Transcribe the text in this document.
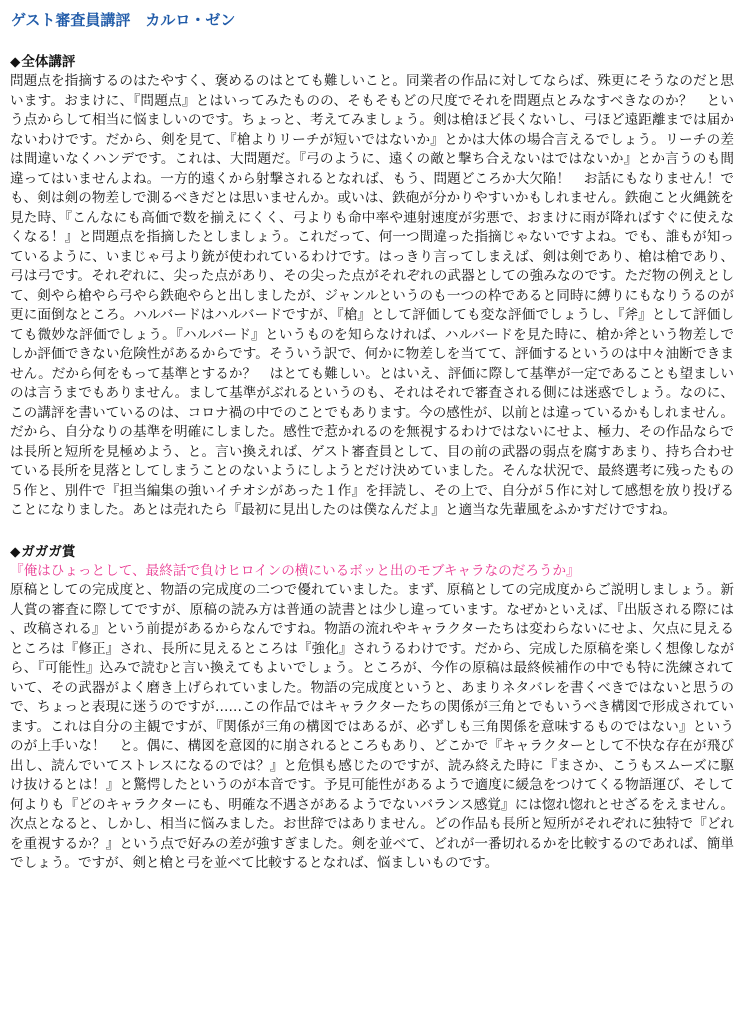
ゲスト審査員講評　カルロ・ゼン
◆全体講評

問題点を指摘するのはたやすく、褒めるのはとても難しいこと。同業者の作品に対してならば、殊更にそうなのだと思います。おまけに、『問題点』とはいってみたものの、そもそもどの尺度でそれを問題点とみなすべきなのか？　という点からして相当に悩ましいのです。ちょっと、考えてみましょう。剣は槍ほど長くないし、弓ほど遠距離までは届かないわけです。だから、剣を見て、『槍よりリーチが短いではないか』とかは大体の場合言えるでしょう。リーチの差は間違いなくハンデです。これは、大問題だ。『弓のように、遠くの敵と撃ち合えないはではないか』とか言うのも間違ってはいませんよね。一方的遠くから射撃されるとなれば、もう、問題どころか大欠陥！　お話にもなりません！でも、剣は剣の物差しで測るべきだとは思いませんか。或いは、鉄砲が分かりやすいかもしれません。鉄砲こと火縄銃を見た時、『こんなにも高価で数を揃えにくく、弓よりも命中率や連射速度が劣悪で、おまけに雨が降ればすぐに使えなくなる！』と問題点を指摘したとしましょう。これだって、何一つ間違った指摘じゃないですよね。でも、誰もが知っているように、いまじゃ弓より銃が使われているわけです。はっきり言ってしまえば、剣は剣であり、槍は槍であり、弓は弓です。それぞれに、尖った点があり、その尖った点がそれぞれの武器としての強みなのです。ただ物の例えとして、剣やら槍やら弓やら鉄砲やらと出しましたが、ジャンルというのも一つの枠であると同時に縛りにもなりうるのが更に面倒なところ。ハルバードはハルバードですが、『槍』として評価しても変な評価でしょうし、『斧』として評価しても微妙な評価でしょう。『ハルバード』というものを知らなければ、ハルバードを見た時に、槍か斧という物差しでしか評価できない危険性があるからです。そういう訳で、何かに物差しを当てて、評価するというのは中々油断できません。だから何をもって基準とするか？　はとても難しい。とはいえ、評価に際して基準が一定であることも望ましいのは言うまでもありません。まして基準がぶれるというのも、それはそれで審査される側には迷惑でしょう。なのに、この講評を書いているのは、コロナ禍の中でのことでもあります。今の感性が、以前とは違っているかもしれません。だから、自分なりの基準を明確にしました。感性で惹かれるのを無視するわけではないにせよ、極力、その作品ならでは長所と短所を見極めよう、と。言い換えれば、ゲスト審査員として、目の前の武器の弱点を腐すあまり、持ち合わせている長所を見落としてしまうことのないようにしようとだけ決めていました。そんな状況で、最終選考に残ったもの５作と、別件で『担当編集の強いイチオシがあった１作』を拝読し、その上で、自分が５作に対して感想を放り投げることになりました。あとは売れたら『最初に見出したのは僕なんだよ』と適当な先輩風をふかすだけですね。

◆ガガガ賞

『俺はひょっとして、最終話で負けヒロインの横にいるボッと出のモブキャラなのだろうか』

原稿としての完成度と、物語の完成度の二つで優れていました。まず、原稿としての完成度からご説明しましょう。新人賞の審査に際してですが、原稿の読み方は普通の読書とは少し違っています。なぜかといえば、『出版される際には、改稿される』という前提があるからなんですね。物語の流れやキャラクターたちは変わらないにせよ、欠点に見えるところは『修正』され、長所に見えるところは『強化』されうるわけです。だから、完成した原稿を楽しく想像しながら、『可能性』込みで読むと言い換えてもよいでしょう。ところが、今作の原稿は最終候補作の中でも特に洗練されていて、その武器がよく磨き上げられていました。物語の完成度というと、あまりネタバレを書くべきではないと思うので、ちょっと表現に迷うのですが……この作品ではキャラクターたちの関係が三角とでもいうべき構図で形成されています。これは自分の主観ですが、『関係が三角の構図ではあるが、必ずしも三角関係を意味するものではない』というのが上手いな！　と。偶に、構図を意図的に崩されるところもあり、どこかで『キャラクターとして不快な存在が飛び出し、読んでいてストレスになるのでは？』と危惧も感じたのですが、読み終えた時に『まさか、こうもスムーズに駆け抜けるとは！』と驚愕したというのが本音です。予見可能性があるようで適度に緩急をつけてくる物語運び、そして何よりも『どのキャラクターにも、明確な不遇さがあるようでないバランス感覚』には惚れ惚れとせざるをえません。次点となると、しかし、相当に悩みました。お世辞ではありません。どの作品も長所と短所がそれぞれに独特で『どれを重視するか？』という点で好みの差が強すぎました。剣を並べて、どれが一番切れるかを比較するのであれば、簡単でしょう。ですが、剣と槍と弓を並べて比較するとなれば、悩ましいものです。
